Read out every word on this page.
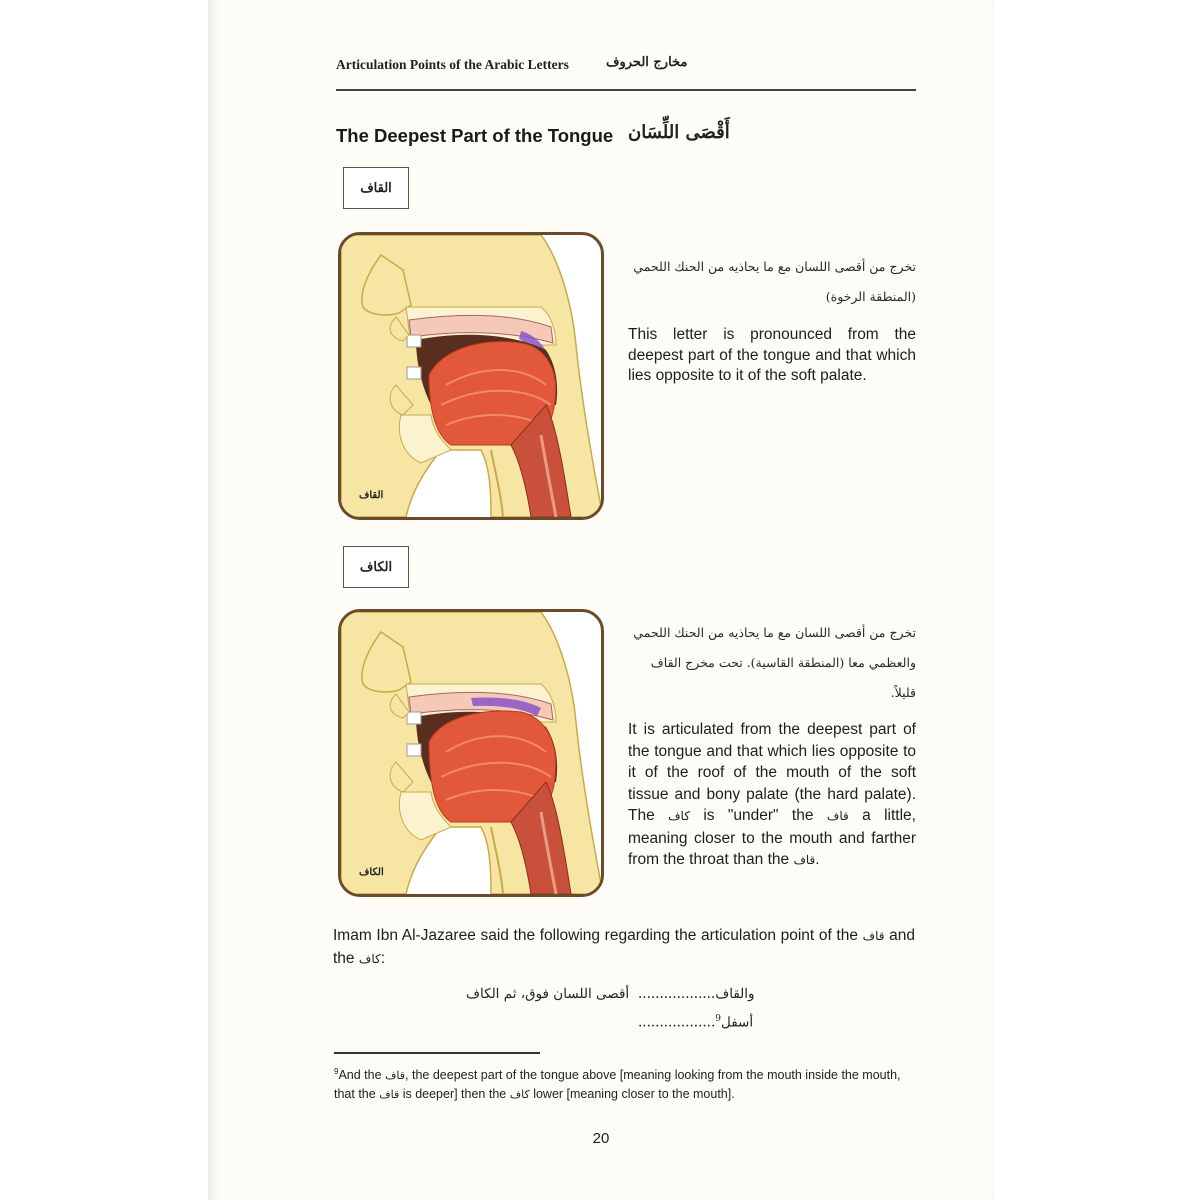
Articulation Points of the Arabic Letters	مخارج الحروف
The Deepest Part of the Tongue أَقْصَى اللِّسَان
القاف
القاف
تخرج من أقصى اللسان مع ما يحاذيه من الحنك اللحمي
(المنطقة الرخوة)
This letter is pronounced from the deepest part of the tongue and that which lies opposite to it of the soft palate.
الكاف
الكاف
تخرج من أقصى اللسان مع ما يحاذيه من الحنك اللحمي
والعظمي معا (المنطقة القاسية). تحت مخرج القاف
قليلاً.
It is articulated from the deepest part of the tongue and that which lies opposite to it of the roof of the mouth of the soft tissue and bony palate (the hard palate). The كاف is "under" the قاف a little, meaning closer to the mouth and farther from the throat than the قاف.
Imam Ibn Al-Jazaree said the following regarding the articulation point of the قاف and the كاف:
أقصى اللسان فوق، ثم الكاف ..................والقاف
..................أسفل$^9$
$^9$And the قاف, the deepest part of the tongue above [meaning looking from the mouth inside the mouth, that the قاف is deeper] then the كاف lower [meaning closer to the mouth].
20
